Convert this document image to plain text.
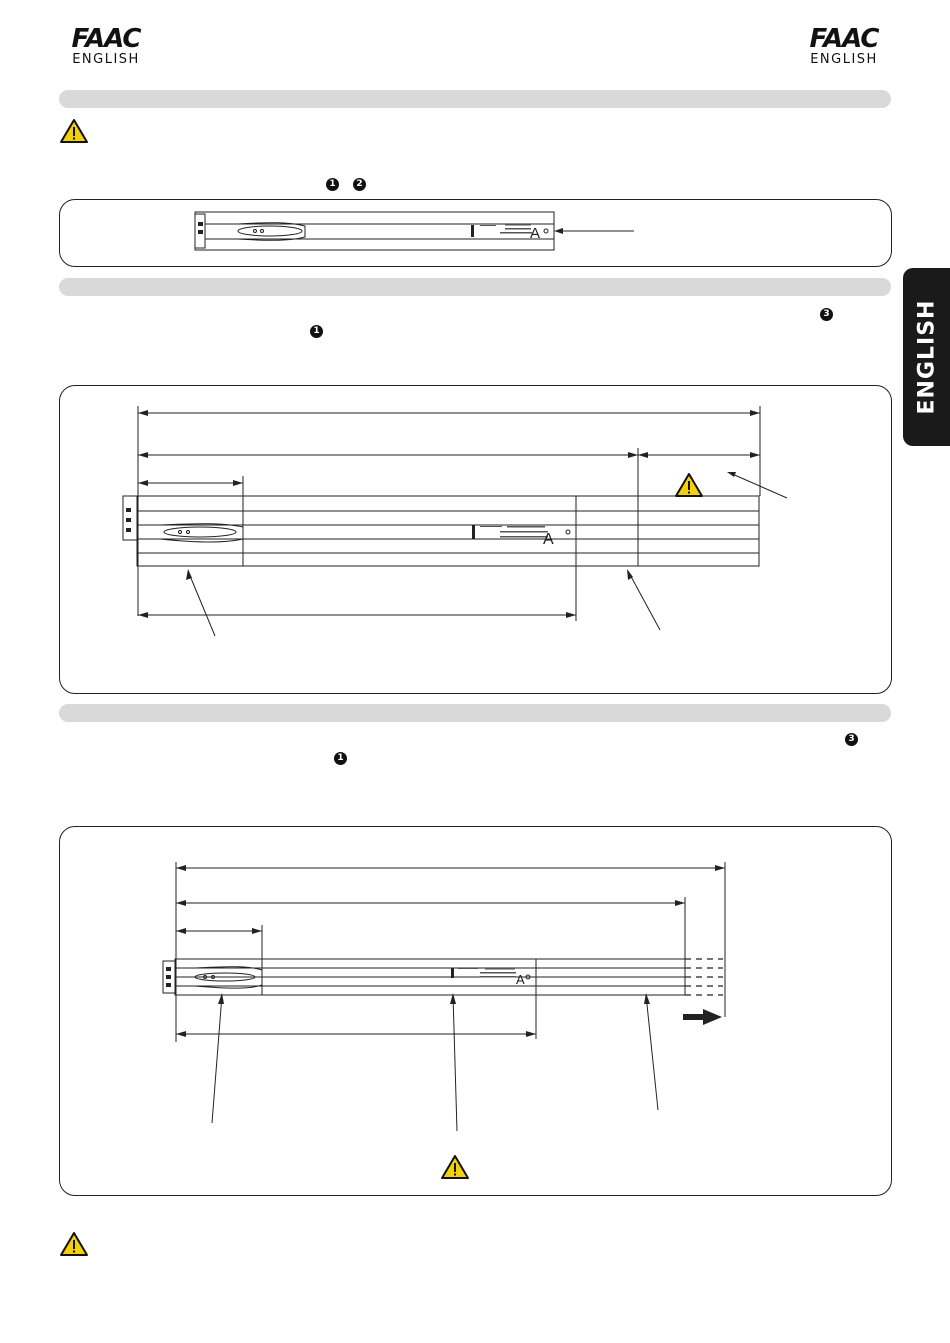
FAAC
ENGLISH
FAAC
ENGLISH
ENGLISH
1	2
3
1
3
1
A
A
A
